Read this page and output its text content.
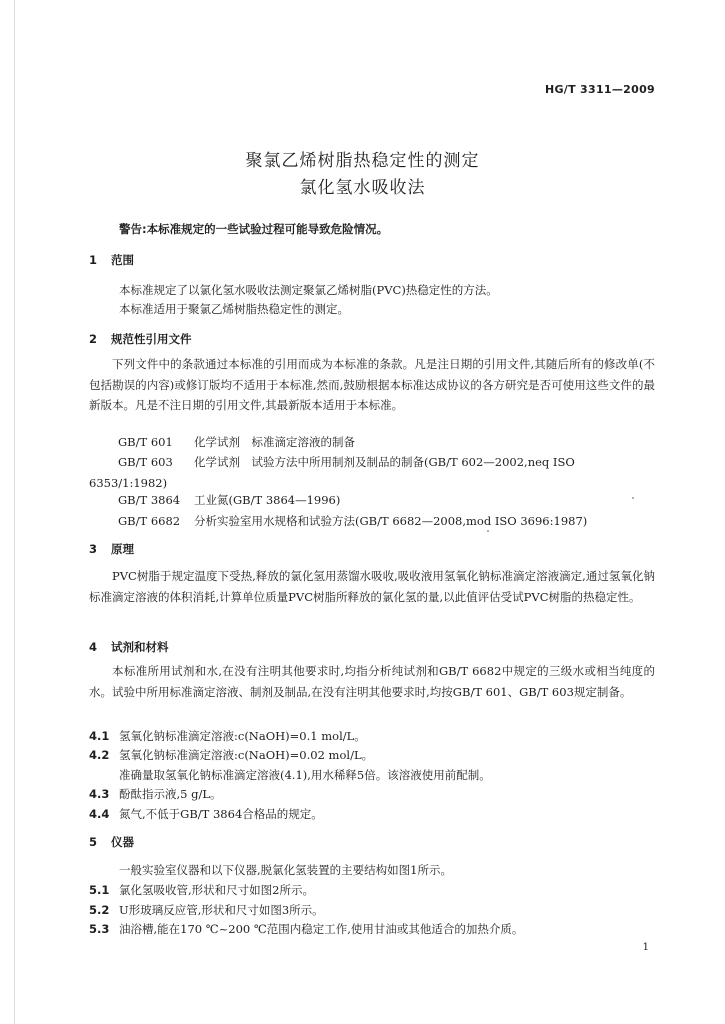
HG/T 3311—2009
聚氯乙烯树脂热稳定性的测定
氯化氢水吸收法
警告:本标准规定的一些试验过程可能导致危险情况。
1 范围
本标准规定了以氯化氢水吸收法测定聚氯乙烯树脂(PVC)热稳定性的方法。
本标准适用于聚氯乙烯树脂热稳定性的测定。
2 规范性引用文件
下列文件中的条款通过本标准的引用而成为本标准的条款。凡是注日期的引用文件,其随后所有的修改单(不包括勘误的内容)或修订版均不适用于本标准,然而,鼓励根据本标准达成协议的各方研究是否可使用这些文件的最新版本。凡是不注日期的引用文件,其最新版本适用于本标准。
GB/T 601 化学试剂　标准滴定溶液的制备
GB/T 603 化学试剂　试验方法中所用制剂及制品的制备(GB/T 602—2002,neq ISO 6353/1:1982)
GB/T 3864 工业氮(GB/T 3864—1996)
GB/T 6682 分析实验室用水规格和试验方法(GB/T 6682—2008,mod ISO 3696:1987)
3 原理
PVC树脂于规定温度下受热,释放的氯化氢用蒸馏水吸收,吸收液用氢氧化钠标准滴定溶液滴定,通过氢氧化钠标准滴定溶液的体积消耗,计算单位质量PVC树脂所释放的氯化氢的量,以此值评估受试PVC树脂的热稳定性。
4 试剂和材料
本标准所用试剂和水,在没有注明其他要求时,均指分析纯试剂和GB/T 6682中规定的三级水或相当纯度的水。试验中所用标准滴定溶液、制剂及制品,在没有注明其他要求时,均按GB/T 601、GB/T 603规定制备。
4.1 氢氧化钠标准滴定溶液:c(NaOH)=0.1 mol/L。
4.2 氢氧化钠标准滴定溶液:c(NaOH)=0.02 mol/L。
准确量取氢氧化钠标准滴定溶液(4.1),用水稀释5倍。该溶液使用前配制。
4.3 酚酞指示液,5 g/L。
4.4 氮气,不低于GB/T 3864合格品的规定。
5 仪器
一般实验室仪器和以下仪器,脱氯化氢装置的主要结构如图1所示。
5.1 氯化氢吸收管,形状和尺寸如图2所示。
5.2 U形玻璃反应管,形状和尺寸如图3所示。
5.3 油浴槽,能在170 ℃~200 ℃范围内稳定工作,使用甘油或其他适合的加热介质。
1
